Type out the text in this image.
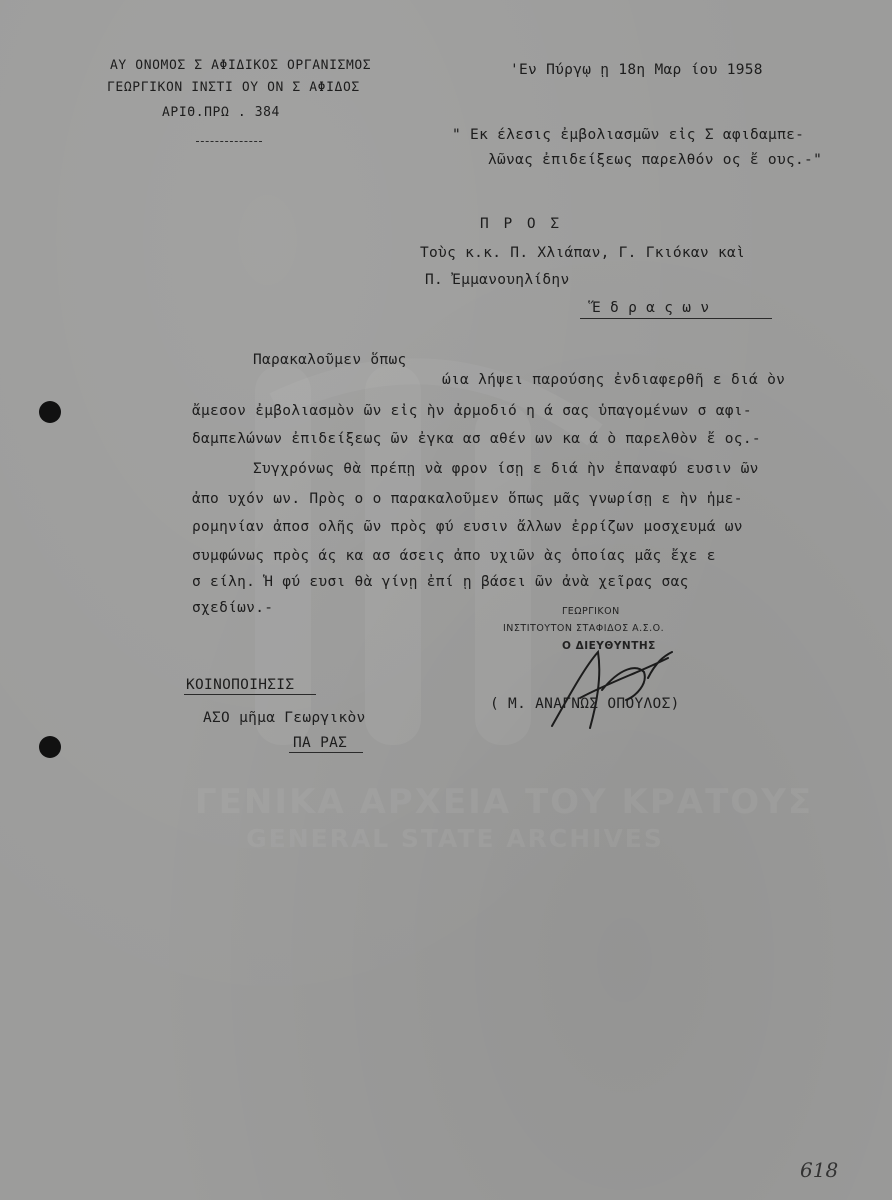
ΓΕΝΙΚΑ ΑΡΧΕΙΑ ΤΟΥ ΚΡΑΤΟΥΣ
GENERAL STATE ARCHIVES
ΑΥ ΟΝΟΜΟΣ Σ ΑΦΙΔΙΚΟΣ ΟΡΓΑΝΙΣΜΟΣ
ΓΕΩΡΓΙΚΟΝ ΙΝΣΤΙ ΟΥ ΟΝ Σ ΑΦΙΔΟΣ
ΑΡΙΘ.ΠΡΩ . 384
'Εν Πύργῳ ῃ 18η Μαρ ίου 1958
" Εκ έλεσις ἐμβολιασμῶν εἰς Σ αφιδαμπε-
λῶνας ἐπιδείξεως παρελθόν ος ἔ ους.-"
Π Ρ Ο Σ
Τοὺς κ.κ. Π. Χλιάπαν, Γ. Γκιόκαν καὶ
Π. Ἐμμανουηλίδην
Ἕ δ ρ α ς ω ν
Παρακαλοῦμεν ὅπως
ώια λήψει παρούσης ἐνδιαφερθῆ ε διά ὸν
ἄμεσον ἐμβολιασμὸν ῶν εἰς ὴν ἀρμοδιό η ά σας ὑπαγομένων σ αφι-
δαμπελώνων ἐπιδείξεως ῶν ἐγκα ασ αθέν ων κα ά ὸ παρελθὸν ἔ ος.-
Συγχρόνως θὰ πρέπῃ νὰ φρον ίσῃ ε διά ὴν ἐπαναφύ ευσιν ῶν
ἀπο υχόν ων. Πρὸς ο ο παρακαλοῦμεν ὅπως μᾶς γνωρίσῃ ε ὴν ἡμε-
ρομηνίαν ἀποσ ολῆς ῶν πρὸς φύ ευσιν ἄλλων ἐρρίζων μοσχευμά ων
συμφώνως πρὸς άς κα ασ άσεις ἀπο υχιῶν ὰς ὁποίας μᾶς ἔχε ε
σ είλη. Ἡ φύ ευσι θὰ γίνῃ ἐπί ῃ βάσει ῶν ἀνὰ χεῖρας σας
σχεδίων.-	ΓΕΩΡΓΙΚΟΝ
ΙΝΣΤΙΤΟΥΤΟΝ ΣΤΑΦΙΔΟΣ Α.Σ.Ο.
Ο ΔΙΕΥΘΥΝΤΗΣ
( Μ. ΑΝΑΓΝΩΣ ΟΠΟΥΛΟΣ)
ΚΟΙΝΟΠΟΙΗΣΙΣ
ΑΣΟ μῆμα Γεωργικὸν
ΠΑ ΡΑΣ
618
